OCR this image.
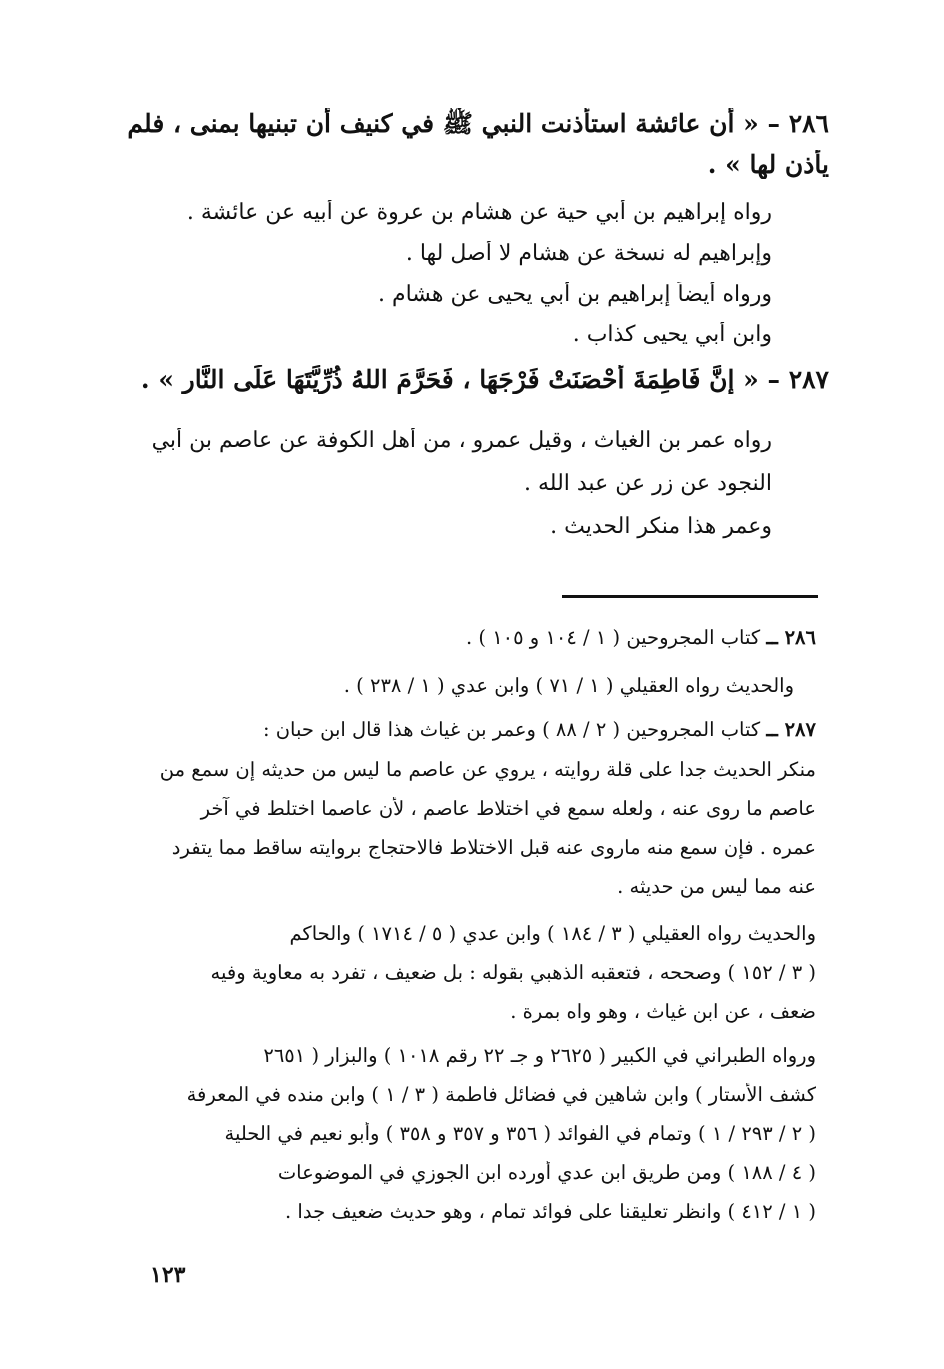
٢٨٦ – « أن عائشة استأذنت النبي ﷺ في كنيف أن تبنيها بمنى ، فلم

يأذن لها » .

رواه إبراهيم بن أبي حية عن هشام بن عروة عن أبيه عن عائشة .

وإبراهيم له نسخة عن هشام لا أصل لها .

ورواه أيضاً إبراهيم بن أبي يحيى عن هشام .

وابن أبي يحيى كذاب .

٢٨٧ – « إِنَّ فَاطِمَةَ أَحْصَنَتْ فَرْجَهَا ، فَحَرَّمَ اللهُ ذُرِّيَّتَهَا عَلَى النَّارِ » .

رواه عمر بن الغياث ، وقيل عمرو ، من أهل الكوفة عن عاصم بن أبي

النجود عن زر عن عبد الله .

وعمر هذا منكر الحديث .

٢٨٦ ــ كتاب المجروحين ( ١ / ١٠٤ و ١٠٥ ) .

والحديث رواه العقيلي ( ١ / ٧١ ) وابن عدي ( ١ / ٢٣٨ ) .

٢٨٧ ــ كتاب المجروحين ( ٢ / ٨٨ ) وعمر بن غياث هذا قال ابن حبان :

منكر الحديث جدا على قلة روايته ، يروي عن عاصم ما ليس من حديثه إن سمع من

عاصم ما روى عنه ، ولعله سمع في اختلاط عاصم ، لأن عاصما اختلط في آخر

عمره . فإن سمع منه ماروى عنه قبل الاختلاط فالاحتجاج بروايته ساقط مما يتفرد

عنه مما ليس من حديثه .

والحديث رواه العقيلي ( ٣ / ١٨٤ ) وابن عدي ( ٥ / ١٧١٤ ) والحاكم

( ٣ / ١٥٢ ) وصححه ، فتعقبه الذهبي بقوله : بل ضعيف ، تفرد به معاوية وفيه

ضعف ، عن ابن غياث ، وهو واه بمرة .

ورواه الطبراني في الكبير ( ٢٦٢٥ و جـ ٢٢ رقم ١٠١٨ ) والبزار ( ٢٦٥١

كشف الأستار ) وابن شاهين في فضائل فاطمة ( ٣ / ١ ) وابن منده في المعرفة

( ٢ / ٢٩٣ / ١ ) وتمام في الفوائد ( ٣٥٦ و ٣٥٧ و ٣٥٨ ) وأبو نعيم في الحلية

( ٤ / ١٨٨ ) ومن طريق ابن عدي أورده ابن الجوزي في الموضوعات

( ١ / ٤١٢ ) وانظر تعليقنا على فوائد تمام ، وهو حديث ضعيف جدا .

١٢٣
